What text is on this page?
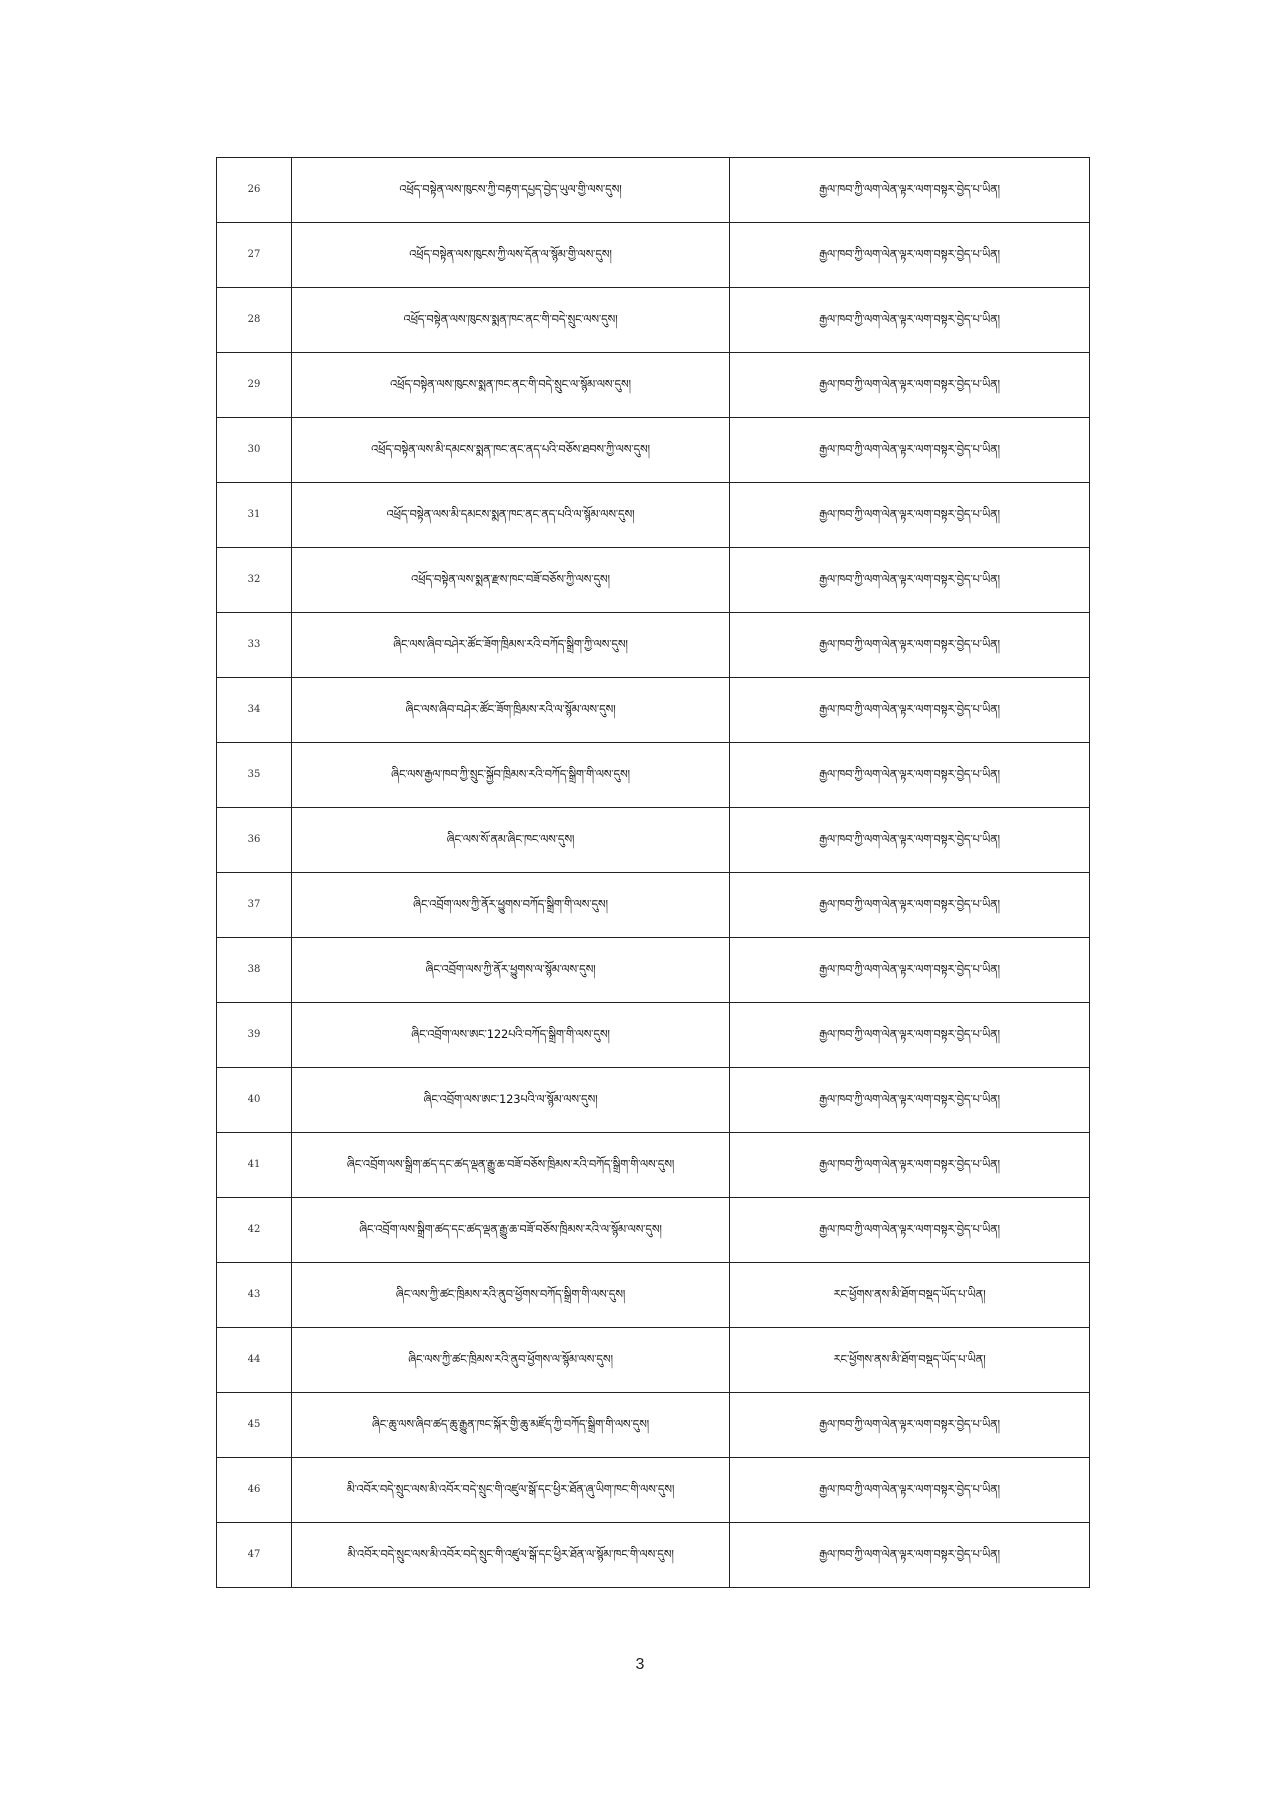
26	འཕྲོད་བསྟེན་ལས་ཁུངས་ཀྱི་བརྟག་དཔྱད་བྱེད་ཡུལ་གྱི་ལས་དུས།	རྒྱལ་ཁབ་ཀྱི་ལག་ལེན་ལྟར་ལག་བསྟར་བྱེད་པ་ཡིན།
27	འཕྲོད་བསྟེན་ལས་ཁུངས་ཀྱི་ལས་དོན་ལ་སྙོམ་གྱི་ལས་དུས།	རྒྱལ་ཁབ་ཀྱི་ལག་ལེན་ལྟར་ལག་བསྟར་བྱེད་པ་ཡིན།
28	འཕྲོད་བསྟེན་ལས་ཁུངས་སྨན་ཁང་ནང་གི་བདེ་སྲུང་ལས་དུས།	རྒྱལ་ཁབ་ཀྱི་ལག་ལེན་ལྟར་ལག་བསྟར་བྱེད་པ་ཡིན།
29	འཕྲོད་བསྟེན་ལས་ཁུངས་སྨན་ཁང་ནང་གི་བདེ་སྲུང་ལ་སྙོམ་ལས་དུས།	རྒྱལ་ཁབ་ཀྱི་ལག་ལེན་ལྟར་ལག་བསྟར་བྱེད་པ་ཡིན།
30	འཕྲོད་བསྟེན་ལས་མི་དམངས་སྨན་ཁང་ནང་ནད་པའི་བཅོས་ཐབས་ཀྱི་ལས་དུས།	རྒྱལ་ཁབ་ཀྱི་ལག་ལེན་ལྟར་ལག་བསྟར་བྱེད་པ་ཡིན།
31	འཕྲོད་བསྟེན་ལས་མི་དམངས་སྨན་ཁང་ནང་ནད་པའི་ལ་སྙོམ་ལས་དུས།	རྒྱལ་ཁབ་ཀྱི་ལག་ལེན་ལྟར་ལག་བསྟར་བྱེད་པ་ཡིན།
32	འཕྲོད་བསྟེན་ལས་སྨན་རྫས་ཁང་བཟོ་བཅོས་ཀྱི་ལས་དུས།	རྒྱལ་ཁབ་ཀྱི་ལག་ལེན་ལྟར་ལག་བསྟར་བྱེད་པ་ཡིན།
33	ཞིང་ལས་ཞིབ་བཤེར་ཚོང་ཟོག་ཁྲིམས་རའི་བཀོད་སྒྲིག་ཀྱི་ལས་དུས།	རྒྱལ་ཁབ་ཀྱི་ལག་ལེན་ལྟར་ལག་བསྟར་བྱེད་པ་ཡིན།
34	ཞིང་ལས་ཞིབ་བཤེར་ཚོང་ཟོག་ཁྲིམས་རའི་ལ་སྙོམ་ལས་དུས།	རྒྱལ་ཁབ་ཀྱི་ལག་ལེན་ལྟར་ལག་བསྟར་བྱེད་པ་ཡིན།
35	ཞིང་ལས་རྒྱལ་ཁབ་ཀྱི་སྲུང་སྐྱོབ་ཁྲིམས་རའི་བཀོད་སྒྲིག་གི་ལས་དུས།	རྒྱལ་ཁབ་ཀྱི་ལག་ལེན་ལྟར་ལག་བསྟར་བྱེད་པ་ཡིན།
36	ཞིང་ལས་སོ་ནམ་ཞིང་ཁང་ལས་དུས།	རྒྱལ་ཁབ་ཀྱི་ལག་ལེན་ལྟར་ལག་བསྟར་བྱེད་པ་ཡིན།
37	ཞིང་འབྲོག་ལས་ཀྱི་ནོར་ཕྱུགས་བཀོད་སྒྲིག་གི་ལས་དུས།	རྒྱལ་ཁབ་ཀྱི་ལག་ལེན་ལྟར་ལག་བསྟར་བྱེད་པ་ཡིན།
38	ཞིང་འབྲོག་ལས་ཀྱི་ནོར་ཕྱུགས་ལ་སྙོམ་ལས་དུས།	རྒྱལ་ཁབ་ཀྱི་ལག་ལེན་ལྟར་ལག་བསྟར་བྱེད་པ་ཡིན།
39	ཞིང་འབྲོག་ལས་ཨང་122པའི་བཀོད་སྒྲིག་གི་ལས་དུས།	རྒྱལ་ཁབ་ཀྱི་ལག་ལེན་ལྟར་ལག་བསྟར་བྱེད་པ་ཡིན།
40	ཞིང་འབྲོག་ལས་ཨང་123པའི་ལ་སྙོམ་ལས་དུས།	རྒྱལ་ཁབ་ཀྱི་ལག་ལེན་ལྟར་ལག་བསྟར་བྱེད་པ་ཡིན།
41	ཞིང་འབྲོག་ལས་སྒྲིག་ཚད་དང་ཚད་ལྡན་རྒྱུ་ཆ་བཟོ་བཅོས་ཁྲིམས་རའི་བཀོད་སྒྲིག་གི་ལས་དུས།	རྒྱལ་ཁབ་ཀྱི་ལག་ལེན་ལྟར་ལག་བསྟར་བྱེད་པ་ཡིན།
42	ཞིང་འབྲོག་ལས་སྒྲིག་ཚད་དང་ཚད་ལྡན་རྒྱུ་ཆ་བཟོ་བཅོས་ཁྲིམས་རའི་ལ་སྙོམ་ལས་དུས།	རྒྱལ་ཁབ་ཀྱི་ལག་ལེན་ལྟར་ལག་བསྟར་བྱེད་པ་ཡིན།
43	ཞིང་ལས་ཀྱི་ཚང་ཁྲིམས་རའི་ནུབ་ཕྱོགས་བཀོད་སྒྲིག་གི་ལས་དུས།	རང་ཕྱོགས་ནས་མི་ཐོག་བསྡད་ཡོད་པ་ཡིན།
44	ཞིང་ལས་ཀྱི་ཚང་ཁྲིམས་རའི་ནུབ་ཕྱོགས་ལ་སྙོམ་ལས་དུས།	རང་ཕྱོགས་ནས་མི་ཐོག་བསྡད་ཡོད་པ་ཡིན།
45	ཞིང་ཆུ་ལས་ཞིབ་ཚད་ཆུ་རྒྱུན་ཁང་སྐོར་གྱི་ཆུ་མཛོད་ཀྱི་བཀོད་སྒྲིག་གི་ལས་དུས།	རྒྱལ་ཁབ་ཀྱི་ལག་ལེན་ལྟར་ལག་བསྟར་བྱེད་པ་ཡིན།
46	མི་འབོར་བདེ་སྲུང་ལས་མི་འབོར་བདེ་སྲུང་གི་འཛུལ་སྒོ་དང་ཕྱིར་ཐོན་ཞུ་ཡིག་ཁང་གི་ལས་དུས།	རྒྱལ་ཁབ་ཀྱི་ལག་ལེན་ལྟར་ལག་བསྟར་བྱེད་པ་ཡིན།
47	མི་འབོར་བདེ་སྲུང་ལས་མི་འབོར་བདེ་སྲུང་གི་འཛུལ་སྒོ་དང་ཕྱིར་ཐོན་ལ་སྙོམ་ཁང་གི་ལས་དུས།	རྒྱལ་ཁབ་ཀྱི་ལག་ལེན་ལྟར་ལག་བསྟར་བྱེད་པ་ཡིན།
3
